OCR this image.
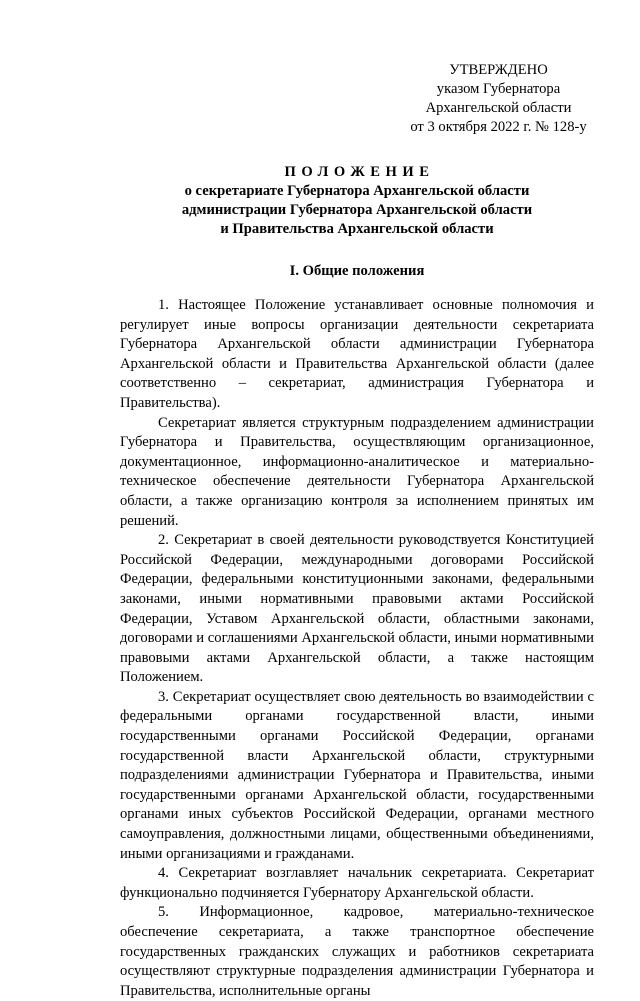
УТВЕРЖДЕНО
указом Губернатора
Архангельской области
от 3 октября 2022 г. № 128-у
ПОЛОЖЕНИЕ
о секретариате Губернатора Архангельской области
администрации Губернатора Архангельской области
и Правительства Архангельской области
I. Общие положения

1. Настоящее Положение устанавливает основные полномочия и регулирует иные вопросы организации деятельности секретариата Губернатора Архангельской области администрации Губернатора Архангельской области и Правительства Архангельской области (далее соответственно – секретариат, администрация Губернатора и Правительства).

Секретариат является структурным подразделением администрации Губернатора и Правительства, осуществляющим организационное, документационное, информационно-аналитическое и материально-техническое обеспечение деятельности Губернатора Архангельской области, а также организацию контроля за исполнением принятых им решений.

2. Секретариат в своей деятельности руководствуется Конституцией Российской Федерации, международными договорами Российской Федерации, федеральными конституционными законами, федеральными законами, иными нормативными правовыми актами Российской Федерации, Уставом Архангельской области, областными законами, договорами и соглашениями Архангельской области, иными нормативными правовыми актами Архангельской области, а также настоящим Положением.

3. Секретариат осуществляет свою деятельность во взаимодействии с федеральными органами государственной власти, иными государственными органами Российской Федерации, органами государственной власти Архангельской области, структурными подразделениями администрации Губернатора и Правительства, иными государственными органами Архангельской области, государственными органами иных субъектов Российской Федерации, органами местного самоуправления, должностными лицами, общественными объединениями, иными организациями и гражданами.

4. Секретариат возглавляет начальник секретариата. Секретариат функционально подчиняется Губернатору Архангельской области.

5. Информационное, кадровое, материально-техническое обеспечение секретариата, а также транспортное обеспечение государственных гражданских служащих и работников секретариата осуществляют структурные подразделения администрации Губернатора и Правительства, исполнительные органы
